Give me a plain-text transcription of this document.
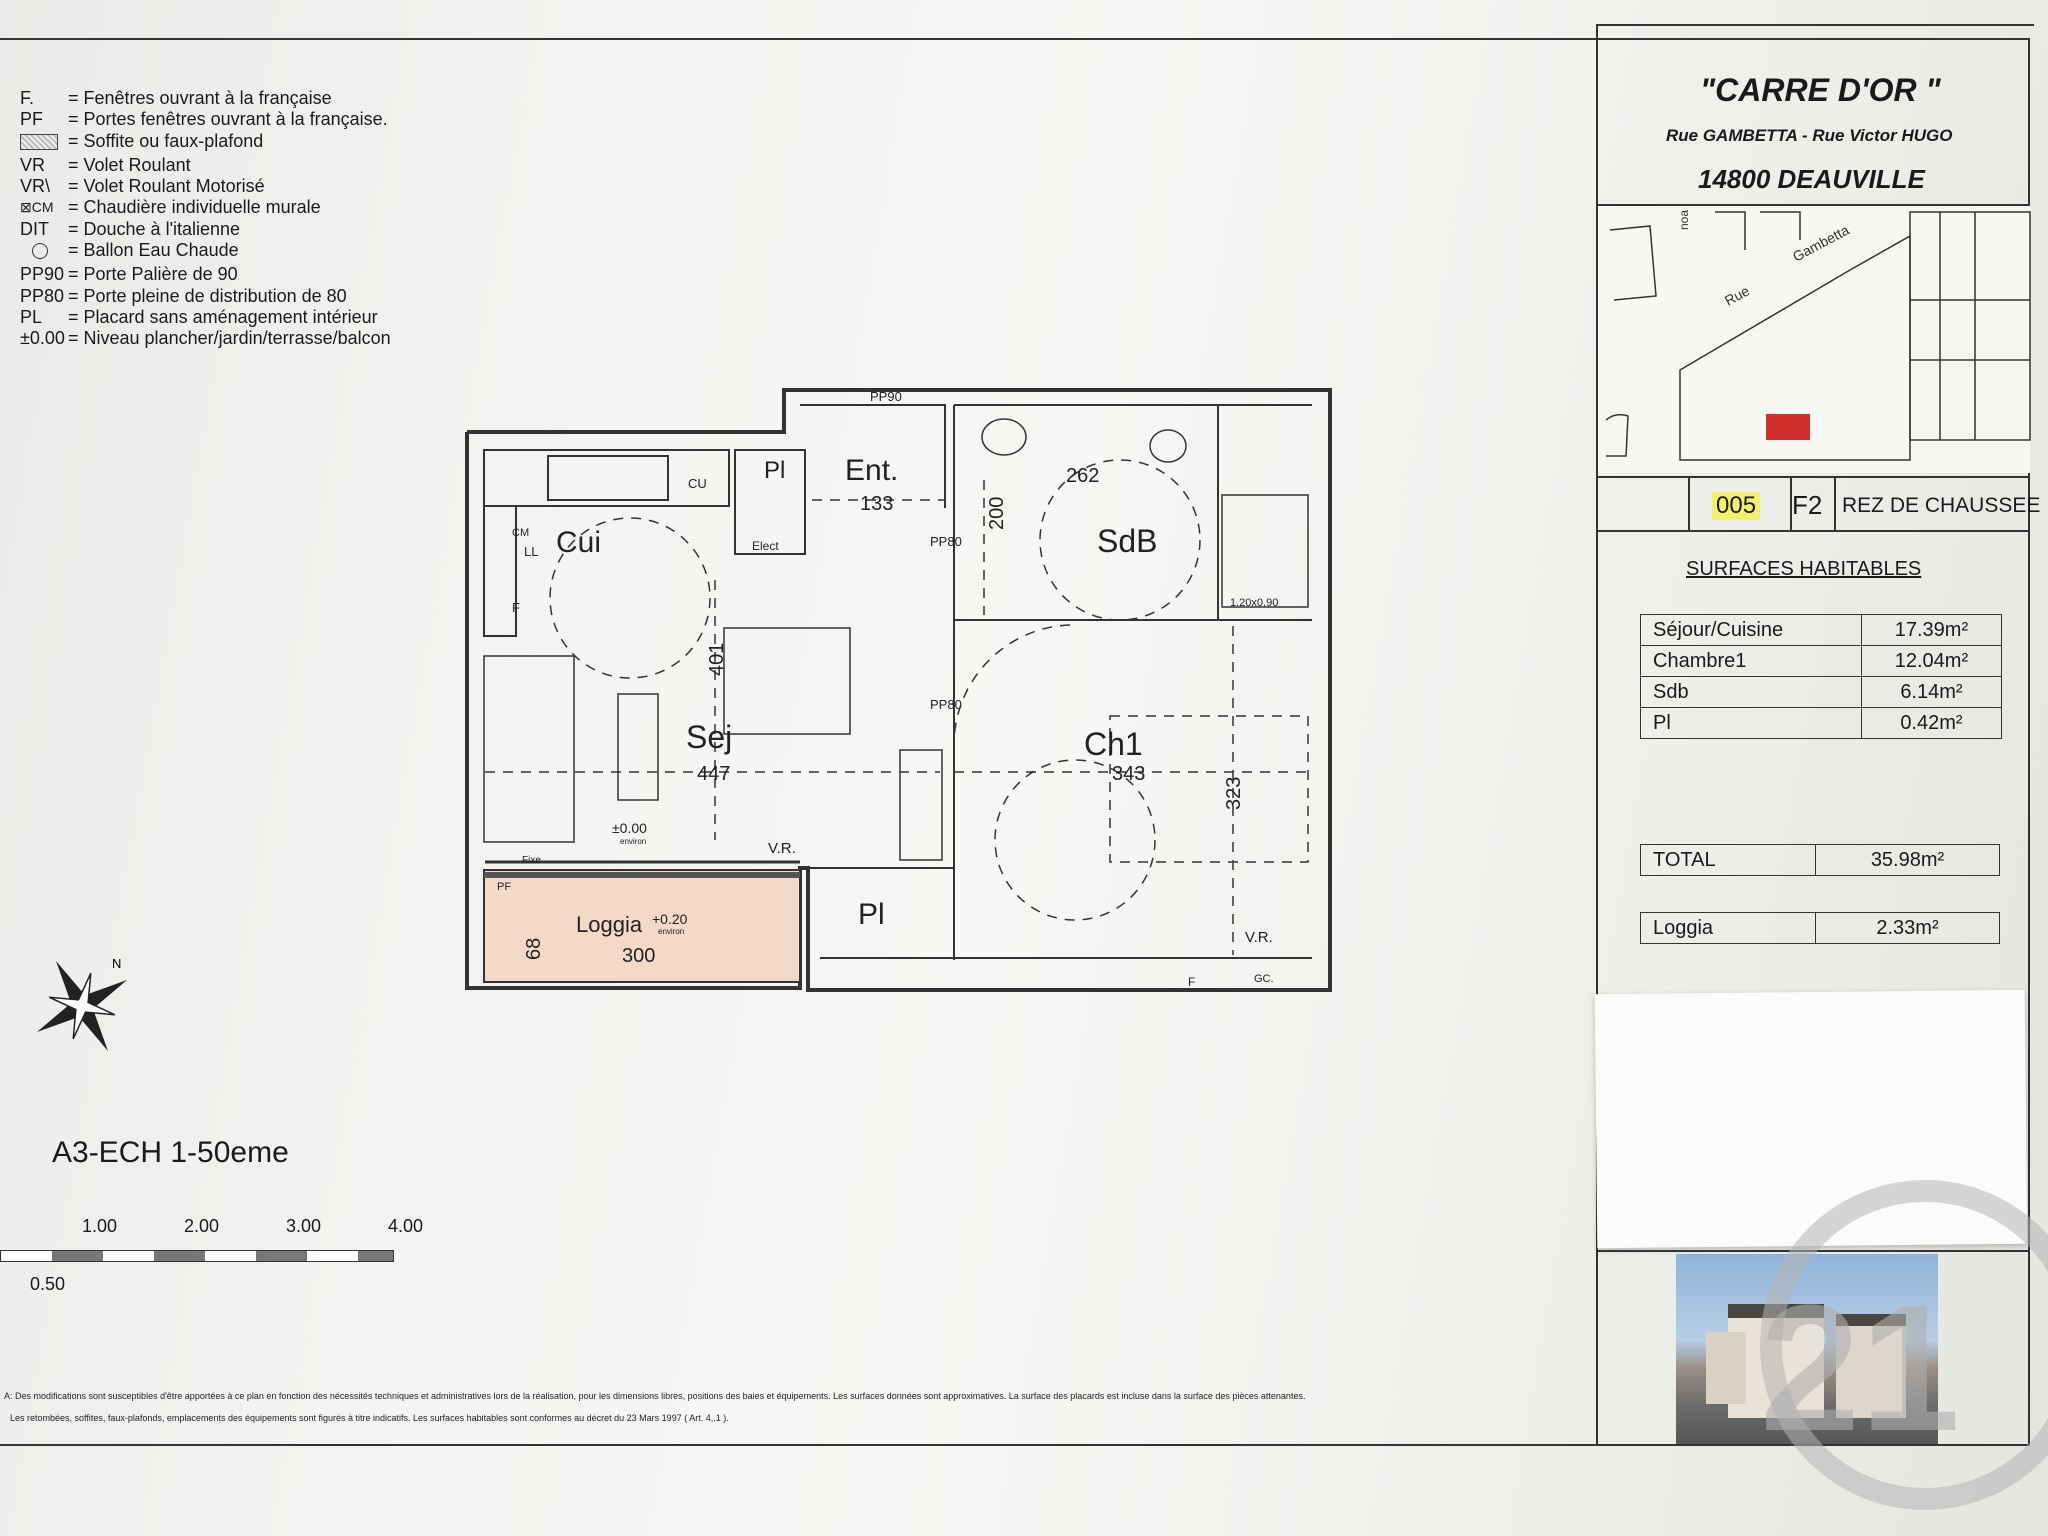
F.	= Fenêtres ouvrant à la française
PF	= Portes fenêtres ouvrant à la française.
= Soffite ou faux-plafond
VR	= Volet Roulant
VR\ = Volet Roulant Motorisé
⊠CM = Chaudière individuelle murale
DIT	= Douche à l'italienne
= Ballon Eau Chaude
PP90 = Porte Palière de 90
PP80 = Porte pleine de distribution de 80
PL	= Placard sans aménagement intérieur
±0.00 = Niveau plancher/jardin/terrasse/balcon
PP90
Pl Ent.
133
CU
Elect
CM
LL
F
Cui	SdB
262
200
PP80
PP80
1.20x0.90
401
Sej
447
Ch1
343
323
±0.00
environ	V.R.
Fixe
PF
Loggia +0.20
environ
300
68
Pl
V.R.
F	GC.
N
Rue
Gambetta
noa
"CARRE D'OR "
Rue GAMBETTA - Rue Victor HUGO
14800 DEAUVILLE
005 F2 REZ DE CHAUSSEE
SURFACES HABITABLES
Séjour/Cuisine	17.39m²
Chambre1	12.04m²
Sdb	6.14m²
Pl	0.42m²
TOTAL	35.98m²
Loggia	2.33m²
A: Des modifications sont susceptibles d'être apportées à ce plan en fonction des nécessités techniques et administratives lors de la réalisation, pour les dimensions libres, positions des baies et équipements. Les surfaces données sont approximatives. La surface des placards est incluse dans la surface des pièces attenantes.
Les retombées, soffites, faux-plafonds, emplacements des équipements sont figurés à titre indicatifs. Les surfaces habitables sont conformes au décret du 23 Mars 1997 ( Art. 4,.1 ).
A3-ECH 1-50eme
1.00	2.00	3.00	4.00
0.50	21
